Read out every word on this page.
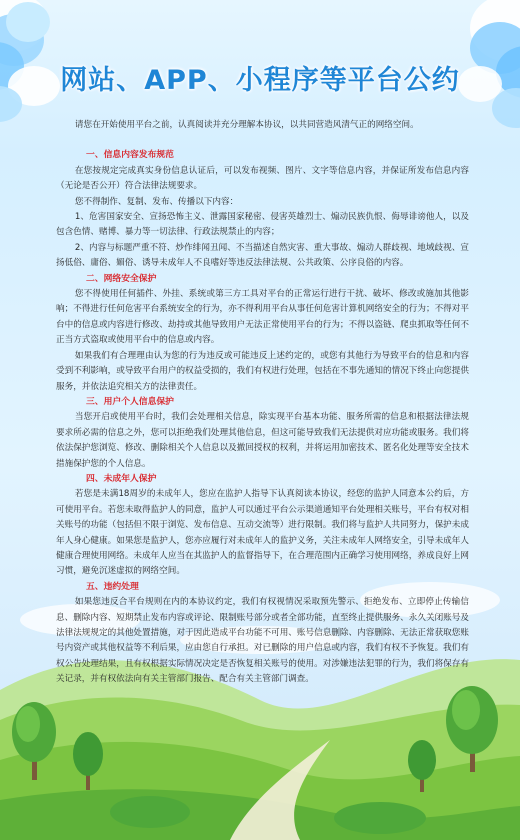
网站、APP、小程序等平台公约

请您在开始使用平台之前，认真阅读并充分理解本协议，以共同营造风清气正的网络空间。

一、信息内容发布规范

在您按规定完成真实身份信息认证后，可以发布视频、图片、文字等信息内容，并保证所发布信息内容（无论是否公开）符合法律法规要求。

您不得制作、复制、发布、传播以下内容：

1、危害国家安全、宣扬恐怖主义、泄露国家秘密、侵害英雄烈士、煽动民族仇恨、侮辱诽谤他人，以及包含色情、赌博、暴力等一切法律、行政法规禁止的内容；

2、内容与标题严重不符、炒作绯闻丑闻、不当描述自然灾害、重大事故、煽动人群歧视、地域歧视、宣扬低俗、庸俗、媚俗、诱导未成年人不良嗜好等违反法律法规、公共政策、公序良俗的内容。

二、网络安全保护

您不得使用任何插件、外挂、系统或第三方工具对平台的正常运行进行干扰、破坏、修改或施加其他影响；不得进行任何危害平台系统安全的行为，亦不得利用平台从事任何危害计算机网络安全的行为；不得对平台中的信息或内容进行修改、劫持或其他导致用户无法正常使用平台的行为；不得以盗链、爬虫抓取等任何不正当方式盗取或使用平台中的信息或内容。

如果我们有合理理由认为您的行为违反或可能违反上述约定的，或您有其他行为导致平台的信息和内容受到不利影响，或导致平台用户的权益受损的，我们有权进行处理，包括在不事先通知的情况下终止向您提供服务，并依法追究相关方的法律责任。

三、用户个人信息保护

当您开启或使用平台时，我们会处理相关信息，除实现平台基本功能、服务所需的信息和根据法律法规要求所必需的信息之外，您可以拒绝我们处理其他信息，但这可能导致我们无法提供对应功能或服务。我们将依法保护您浏览、修改、删除相关个人信息以及撤回授权的权利，并将运用加密技术、匿名化处理等安全技术措施保护您的个人信息。

四、未成年人保护

若您是未满18周岁的未成年人，您应在监护人指导下认真阅读本协议，经您的监护人同意本公约后，方可使用平台。若您未取得监护人的同意，监护人可以通过平台公示渠道通知平台处理相关账号，平台有权对相关账号的功能（包括但不限于浏览、发布信息、互动交流等）进行限制。我们将与监护人共同努力，保护未成年人身心健康。如果您是监护人，您亦应履行对未成年人的监护义务，关注未成年人网络安全，引导未成年人健康合理使用网络。未成年人应当在其监护人的监督指导下，在合理范围内正确学习使用网络，养成良好上网习惯，避免沉迷虚拟的网络空间。

五、违约处理

如果您违反合平台规则在内的本协议约定，我们有权视情况采取预先警示、拒绝发布、立即停止传输信息、删除内容、短期禁止发布内容或评论、限制账号部分或者全部功能，直至终止提供服务、永久关闭账号及法律法规规定的其他处置措施，对于因此造成平台功能不可用、账号信息删除、内容删除、无法正常获取您账号内资产或其他权益等不利后果，应由您自行承担。对已删除的用户信息或内容，我们有权不予恢复。我们有权公告处理结果，且有权根据实际情况决定是否恢复相关账号的使用。对涉嫌违法犯罪的行为，我们将保存有关记录，并有权依法向有关主管部门报告、配合有关主管部门调查。
